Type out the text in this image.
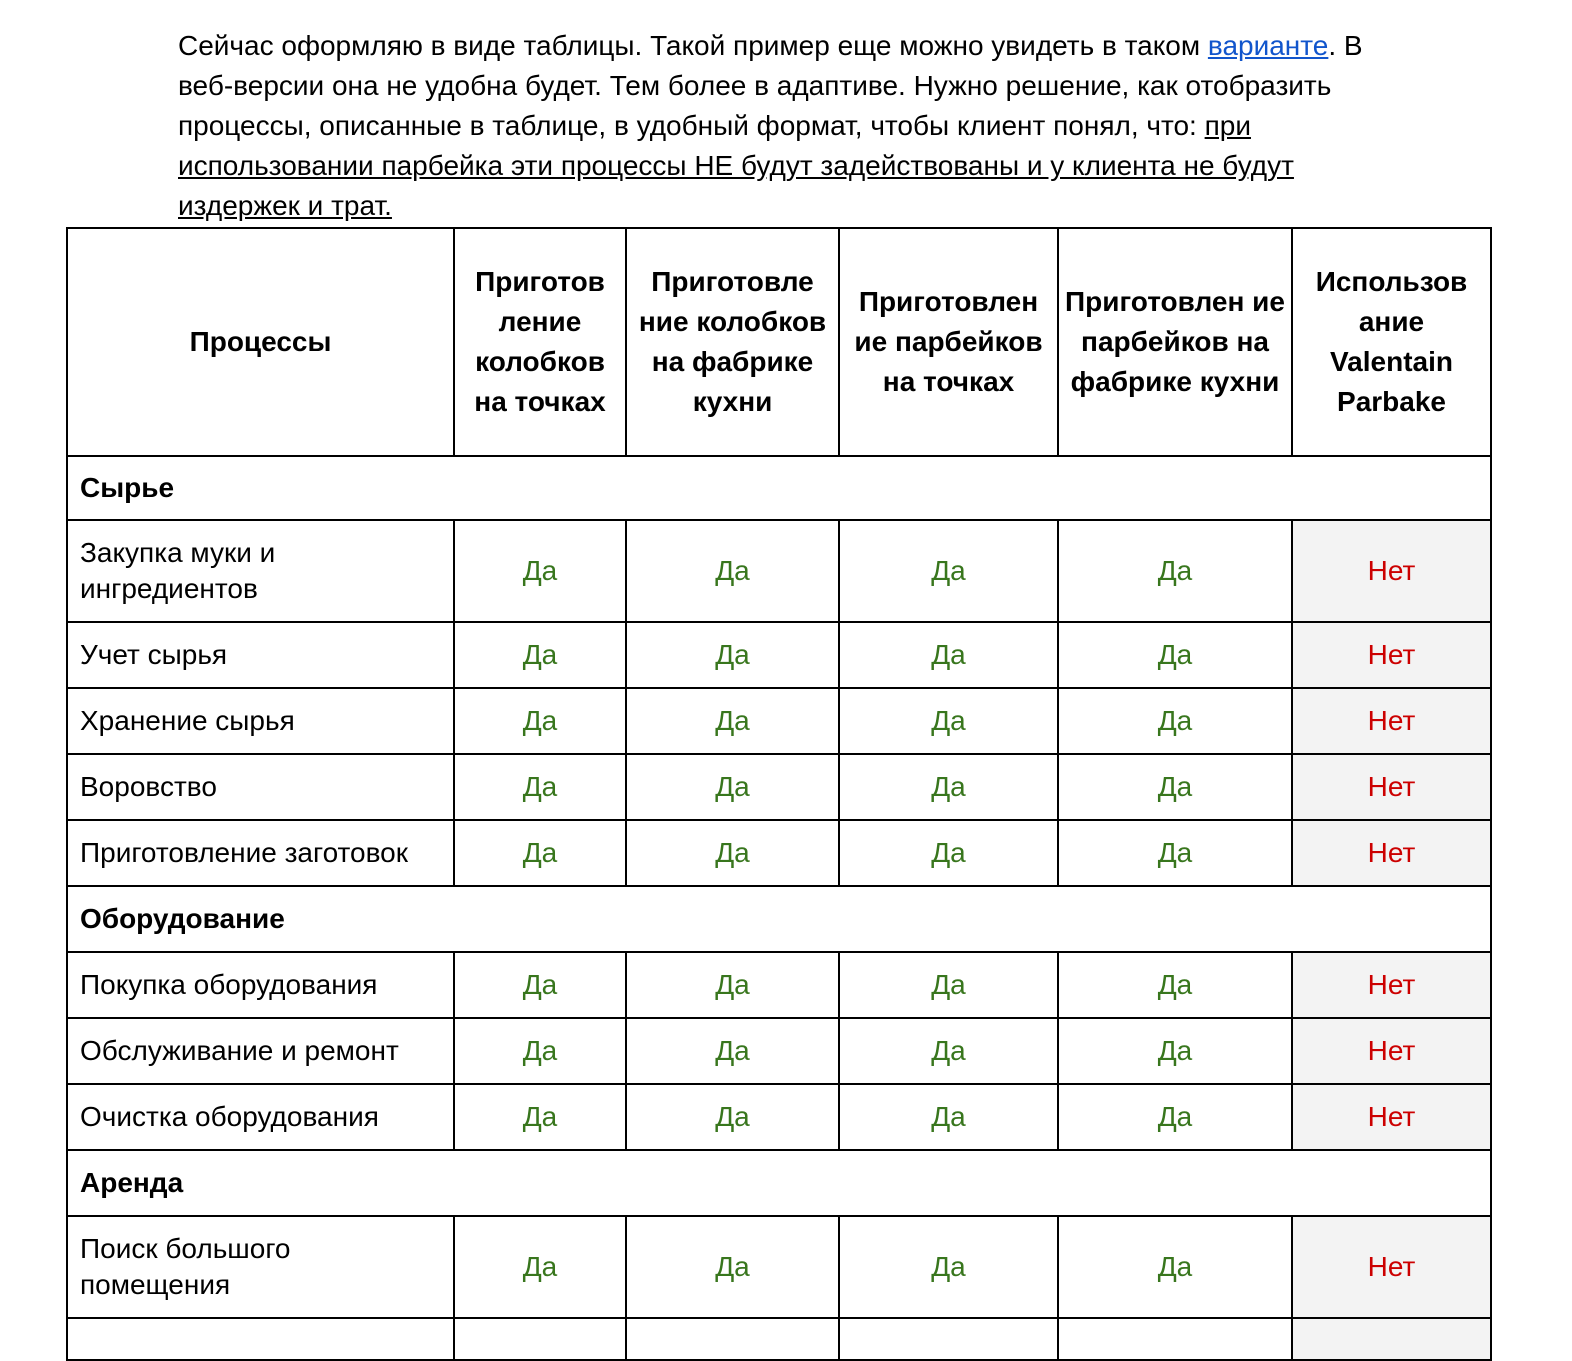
Сейчас оформляю в виде таблицы. Такой пример еще можно увидеть в таком варианте. В веб-версии она не удобна будет. Тем более в адаптиве. Нужно решение, как отобразить процессы, описанные в таблице, в удобный формат, чтобы клиент понял, что: при использовании парбейка эти процессы НЕ будут задействованы и у клиента не будут издержек и трат.
Процессы	Приготов ление колобков на точках	Приготовле ние колобков на фабрике кухни	Приготовлен ие парбейков на точках	Приготовлен ие парбейков на фабрике кухни	Использов ание Valentain Parbake
Сырье					
Закупка муки и ингредиентов	Да	Да	Да	Да	Нет
Учет сырья	Да	Да	Да	Да	Нет
Хранение сырья	Да	Да	Да	Да	Нет
Воровство	Да	Да	Да	Да	Нет
Приготовление заготовок	Да	Да	Да	Да	Нет
Оборудование					
Покупка оборудования	Да	Да	Да	Да	Нет
Обслуживание и ремонт	Да	Да	Да	Да	Нет
Очистка оборудования	Да	Да	Да	Да	Нет
Аренда					
Поиск большого помещения	Да	Да	Да	Да	Нет
